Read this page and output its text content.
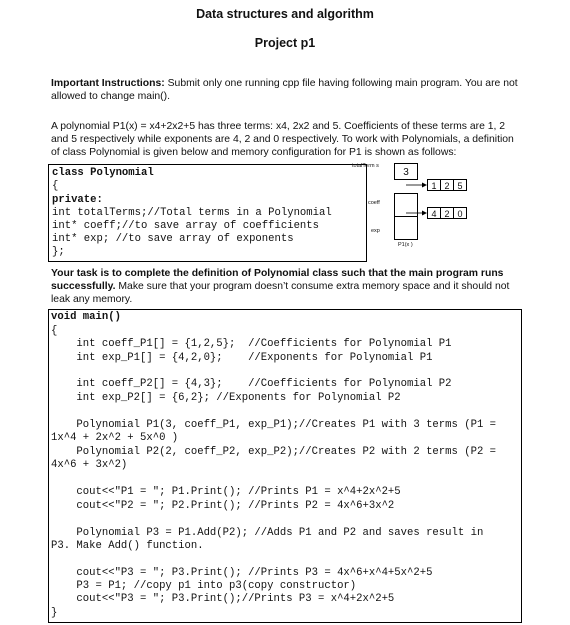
Data structures and algorithm
Project p1
Important Instructions: Submit only one running cpp file having following main program. You are not allowed to change main().
A polynomial P1(x) = x4+2x2+5 has three terms: x4, 2x2 and 5. Coefficients of these terms are 1, 2 and 5 respectively while exponents are 4, 2 and 0 respectively. To work with Polynomials, a definition of class Polynomial is given below and memory configuration for P1 is shown as follows:
class Polynomial
{
private:
int totalTerms;//Total terms in a Polynomial
int* coeff;//to save array of coefficients
int* exp; //to save array of exponents
};
totalTerm s
3
coeff
exp
P1(x )
1 2 5
4 2 0
Your task is to complete the definition of Polynomial class such that the main program runs successfully. Make sure that your program doesn’t consume extra memory space and it should not leak any memory.
void main()
{
int coeff_P1[] = {1,2,5};  //Coefficients for Polynomial P1
int exp_P1[] = {4,2,0};    //Exponents for Polynomial P1
int coeff_P2[] = {4,3};    //Coefficients for Polynomial P2
int exp_P2[] = {6,2}; //Exponents for Polynomial P2
Polynomial P1(3, coeff_P1, exp_P1);//Creates P1 with 3 terms (P1 =
1x^4 + 2x^2 + 5x^0 )
Polynomial P2(2, coeff_P2, exp_P2);//Creates P2 with 2 terms (P2 =
4x^6 + 3x^2)
cout<<"P1 = "; P1.Print(); //Prints P1 = x^4+2x^2+5
cout<<"P2 = "; P2.Print(); //Prints P2 = 4x^6+3x^2
Polynomial P3 = P1.Add(P2); //Adds P1 and P2 and saves result in
P3. Make Add() function.
cout<<"P3 = "; P3.Print(); //Prints P3 = 4x^6+x^4+5x^2+5
P3 = P1; //copy p1 into p3(copy constructor)
cout<<"P3 = "; P3.Print();//Prints P3 = x^4+2x^2+5
}
